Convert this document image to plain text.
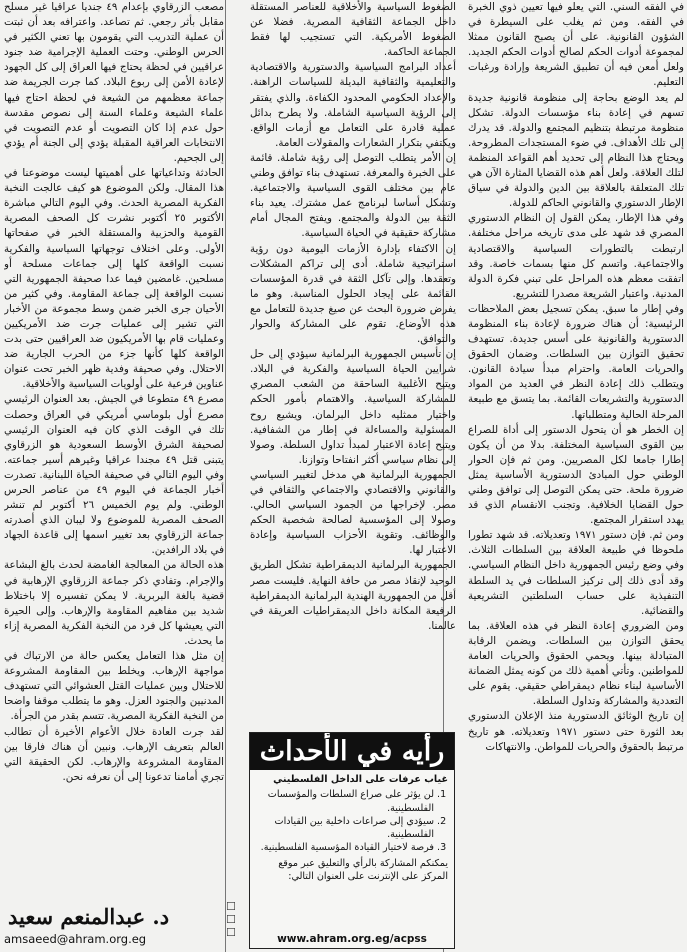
في الفقه السني. التي يعلو فيها تعيين ذوي الخبرة في الفقه. ومن ثم يغلب على السيطرة في الشؤون القانونية. على أن يصبح القانون ممثلا لمجموعة أدوات الحكم لصالح أدوات الحكم الجديد. ولعل أمعن فيه أن تطبيق الشريعة وإرادة ورغبات التعليم.

لم يعد الوضع بحاجة إلى منظومة قانونية جديدة تسهم في إعادة بناء مؤسسات الدولة. تشكل منظومة مرتبطة بتنظيم المجتمع والدولة. قد يدرك إلى تلك الأهداف. في ضوء المستجدات المطروحة. ويحتاج هذا النظام إلى تحديد أهم القواعد المنظمة لتلك العلاقة. ولعل أهم هذه القضايا المثارة الآن هي تلك المتعلقة بالعلاقة بين الدين والدولة في سياق الإطار الدستوري والقانوني الحاكم للدولة.

وفي هذا الإطار. يمكن القول إن النظام الدستوري المصري قد شهد على مدى تاريخه مراحل مختلفة. ارتبطت بالتطورات السياسية والاقتصادية والاجتماعية. واتسم كل منها بسمات خاصة. وقد اتفقت معظم هذه المراحل على تبني فكرة الدولة المدنية. واعتبار الشريعة مصدرا للتشريع.

وفي إطار ما سبق. يمكن تسجيل بعض الملاحظات الرئيسية: أن هناك ضرورة لإعادة بناء المنظومة الدستورية والقانونية على أسس جديدة. تستهدف تحقيق التوازن بين السلطات. وضمان الحقوق والحريات العامة. واحترام مبدأ سيادة القانون. ويتطلب ذلك إعادة النظر في العديد من المواد الدستورية والتشريعات القائمة. بما يتسق مع طبيعة المرحلة الحالية ومتطلباتها.

إن الخطر هو أن يتحول الدستور إلى أداة للصراع بين القوى السياسية المختلفة. بدلا من أن يكون إطارا جامعا لكل المصريين. ومن ثم فإن الحوار الوطني حول المبادئ الدستورية الأساسية يمثل ضرورة ملحة. حتى يمكن التوصل إلى توافق وطني حول القضايا الخلافية. وتجنب الانقسام الذي قد يهدد استقرار المجتمع.

ومن ثم. فإن دستور ١٩٧١ وتعديلاته. قد شهد تطورا ملحوظا في طبيعة العلاقة بين السلطات الثلاث. وفي وضع رئيس الجمهورية داخل النظام السياسي. وقد أدى ذلك إلى تركيز السلطات في يد السلطة التنفيذية على حساب السلطتين التشريعية والقضائية.

ومن الضروري إعادة النظر في هذه العلاقة. بما يحقق التوازن بين السلطات. ويضمن الرقابة المتبادلة بينها. ويحمي الحقوق والحريات العامة للمواطنين. وتأتي أهمية ذلك من كونه يمثل الضمانة الأساسية لبناء نظام ديمقراطي حقيقي. يقوم على التعددية والمشاركة وتداول السلطة.

إن تاريخ الوثائق الدستورية منذ الإعلان الدستوري بعد الثورة حتى دستور ١٩٧١ وتعديلاته. هو تاريخ مرتبط بالحقوق والحريات للمواطن. والانتهاكات

الضغوط السياسية والأخلاقية للعناصر المستقلة داخل الجماعة الثقافية المصرية. فضلا عن الضغوط الأمريكية. التي تستجيب لها فقط الجماعة الحاكمة.

أعداد البرامج السياسية والدستورية والاقتصادية والتعليمية والثقافية البديلة للسياسات الراهنة. والإعداد الحكومي المحدود الكفاءة. والذي يفتقر إلى الرؤية السياسية الشاملة. ولا يطرح بدائل عملية قادرة على التعامل مع أزمات الواقع. ويكتفي بتكرار الشعارات والمقولات العامة.

إن الأمر يتطلب التوصل إلى رؤية شاملة. قائمة على الخبرة والمعرفة. تستهدف بناء توافق وطني عام بين مختلف القوى السياسية والاجتماعية. وتشكل أساسا لبرنامج عمل مشترك. يعيد بناء الثقة بين الدولة والمجتمع. ويفتح المجال أمام مشاركة حقيقية في الحياة السياسية.

إن الاكتفاء بإدارة الأزمات اليومية دون رؤية استراتيجية شاملة. أدى إلى تراكم المشكلات وتعقدها. وإلى تآكل الثقة في قدرة المؤسسات القائمة على إيجاد الحلول المناسبة. وهو ما يفرض ضرورة البحث عن صيغ جديدة للتعامل مع هذه الأوضاع. تقوم على المشاركة والحوار والتوافق.

إن تأسيس الجمهورية البرلمانية سيؤدي إلى حل شرايين الحياة السياسية والفكرية في البلاد. ويتيح الأغلبية الساحقة من الشعب المصري للمشاركة السياسية. والاهتمام بأمور الحكم واختيار ممثليه داخل البرلمان. ويشيع روح المسئولية والمساءلة في إطار من الشفافية. ويتيح إعادة الاعتبار لمبدأ تداول السلطة. وصولا إلى نظام سياسي أكثر انفتاحا وتوازنا.

الجمهورية البرلمانية هي مدخل لتغيير السياسي والقانوني والاقتصادي والاجتماعي والثقافي في مصر. لإخراجها من الجمود السياسي الحالي. وصولا إلى المؤسسية لصالحة شخصية الحكم والوظائف. وتقوية الأحزاب السياسية وإعادة الاعتبار لها.

الجمهورية البرلمانية الديمقراطية تشكل الطريق الوحيد لإنقاذ مصر من حافة النهاية. فليست مصر أقل من الجمهورية الهندية البرلمانية الديمقراطية الرفيعة المكانة داخل الديمقراطيات العريقة في عالمنا.

مصعب الزرقاوي بإعدام ٤٩ جنديا عراقيا غير مسلح مقابل بأثر رجعي. ثم تصاعد. واعترافه بعد أن ثبتت أن عملية التدريب التي يقومون بها تعني الكثير في الحرس الوطني. وحتت العملية الإجرامية ضد جنود عراقيين في لحظة يحتاج فيها العراق إلى كل الجهود لإعادة الأمن إلى ربوع البلاد. كما جرت الجريمة ضد جماعة معظمهم من الشيعة في لحظة احتاج فيها علماء الشيعة وعلماء السنة إلى نصوص مقدسة حول عدم إذا كان التصويت أو عدم التصويت في الانتخابات العراقية المقبلة يؤدي إلى الجنة أم يؤدي إلى الجحيم.

الحادثة وتداعياتها على أهميتها ليست موضوعنا في هذا المقال. ولكن الموضوع هو كيف عالجت النخبة الفكرية المصرية الحدث. وفي اليوم التالي مباشرة الأكتوبر ٢٥ أكتوبر نشرت كل الصحف المصرية القومية والحزبية والمستقلة الخبر في صفحاتها الأولى. وعلى اختلاف توجهاتها السياسية والفكرية نسبت الواقعة كلها إلى جماعات مسلحة أو مسلحين. غامضين فيما عدا صحيفة الجمهورية التي نسبت الواقعة إلى جماعة المقاومة. وفي كثير من الأحيان جرى الخبر ضمن وسط مجموعة من الأخبار التي تشير إلى عمليات جرت ضد الأمريكيين وعمليات قام بها الأمريكيون ضد العراقيين حتى بدت الواقعة كلها كأنها جزء من الحرب الجارية ضد الاحتلال. وفي صحيفة وفدية ظهر الخبر تحت عنوان عناوين فرعية على أولويات السياسية والأخلاقية.

مصرع ٤٩ متطوعا في الجيش. بعد العنوان الرئيسي مصرع أول بلوماسي أمريكي في العراق وحصلت تلك في الوقت الذي كان فيه العنوان الرئيسي لصحيفة الشرق الأوسط السعودية هو الزرقاوي يتبنى قتل ٤٩ مجندا عراقيا وغيرهم أسير جماعته. وفي اليوم التالي في صحيفة الحياة اللبنانية. تصدرت أخبار الجماعة في اليوم ٤٩ من عناصر الحرس الوطني. ولم يوم الخميس ٢٦ أكتوبر لم تنشر الصحف المصرية للموضوع ولا ليبان الذي أصدرته جماعة الزرقاوي بعد تغيير اسمها إلى قاعدة الجهاد في بلاد الرافدين.

هذه الحالة من المعالجة الغامضة لحدث بالغ البشاعة والإجرام. وتفادي ذكر جماعة الزرقاوي الإرهابية في قضية بالغة البربرية. لا يمكن تفسيره إلا باختلاط شديد بين مفاهيم المقاومة والإرهاب. وإلى الحيرة التي يعيشها كل فرد من النخبة الفكرية المصرية إزاء ما يحدث.

إن مثل هذا التعامل يعكس حالة من الارتباك في مواجهة الإرهاب. ويخلط بين المقاومة المشروعة للاحتلال وبين عمليات القتل العشوائي التي تستهدف المدنيين والجنود العزل. وهو ما يتطلب موقفا واضحا من النخبة الفكرية المصرية. تتسم بقدر من الجرأة.

لقد جرت العادة خلال الأعوام الأخيرة أن تطالب العالم بتعريف الإرهاب. ونبين أن هناك فارقا بين المقاومة المشروعة والإرهاب. لكن الحقيقة التي تجري أمامنا تدعونا إلى أن نعرفه نحن.

رأيه في الأحداث
غياب عرفات على الداخل الفلسطيني
1. لن يؤثر على صراع السلطات والمؤسسات الفلسطينية.
2. سيؤدي إلى صراعات داخلية بين القيادات الفلسطينية.
3. فرصة لاختيار القيادة المؤسسية الفلسطينية.
يمكنكم المشاركة بالرأي والتعليق عبر موقع المركز على الإنترنت على العنوان التالي:
www.ahram.org.eg/acpss
☐
☐
☐
د. عبدالمنعم سعيد
amsaeed@ahram.org.eg
